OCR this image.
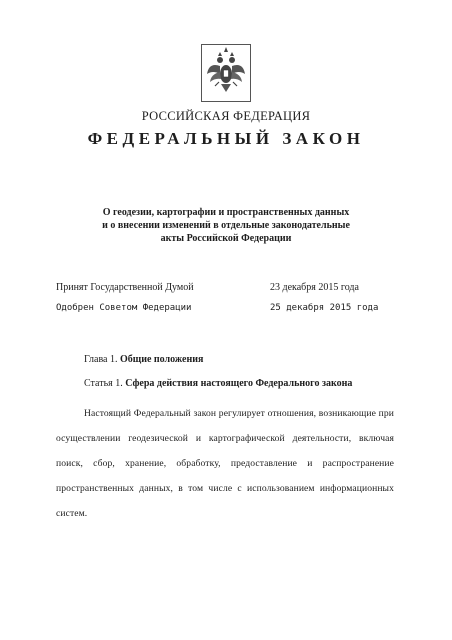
РОССИЙСКАЯ ФЕДЕРАЦИЯ
ФЕДЕРАЛЬНЫЙ ЗАКОН
О геодезии, картографии и пространственных данных
и о внесении изменений в отдельные законодательные
акты Российской Федерации
Принят Государственной Думой	23 декабря 2015 года
Одобрен Советом Федерации	25 декабря 2015 года
Глава 1. Общие положения
Статья 1. Сфера действия настоящего Федерального закона
Настоящий Федеральный закон регулирует отношения, возникающие при осуществлении геодезической и картографической деятельности, включая поиск, сбор, хранение, обработку, предоставление и распространение пространственных данных, в том числе с использованием информационных систем.
